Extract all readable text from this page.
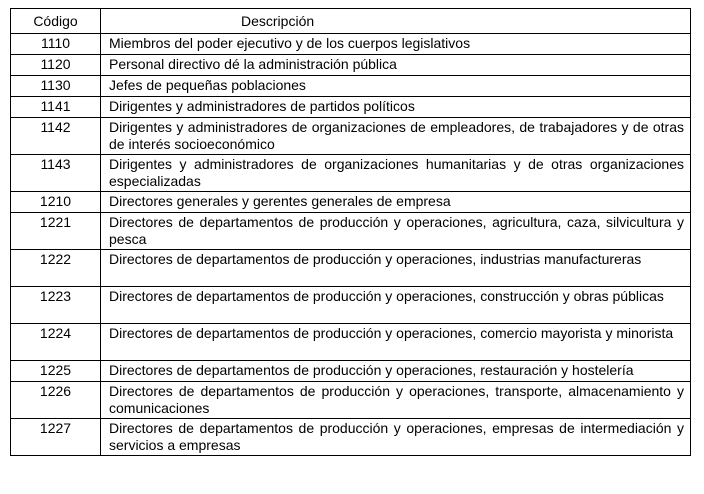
Código	Descripción
1110	Miembros del poder ejecutivo y de los cuerpos legislativos
1120	Personal directivo dé la administración pública
1130	Jefes de pequeñas poblaciones
1141	Dirigentes y administradores de partidos políticos
1142	Dirigentes y administradores de organizaciones de empleadores, de trabajadores y de otras de interés socioeconómico
1143	Dirigentes y administradores de organizaciones humanitarias y de otras organizaciones especializadas
1210	Directores generales y gerentes generales de empresa
1221	Directores de departamentos de producción y operaciones, agricultura, caza, silvicultura y pesca
1222	Directores de departamentos de producción y operaciones, industrias manufactureras
1223	Directores de departamentos de producción y operaciones, construcción y obras públicas
1224	Directores de departamentos de producción y operaciones, comercio mayorista y minorista
1225	Directores de departamentos de producción y operaciones, restauración y hostelería
1226	Directores de departamentos de producción y operaciones, transporte, almacenamiento y comunicaciones
1227	Directores de departamentos de producción y operaciones, empresas de intermediación y servicios a empresas
